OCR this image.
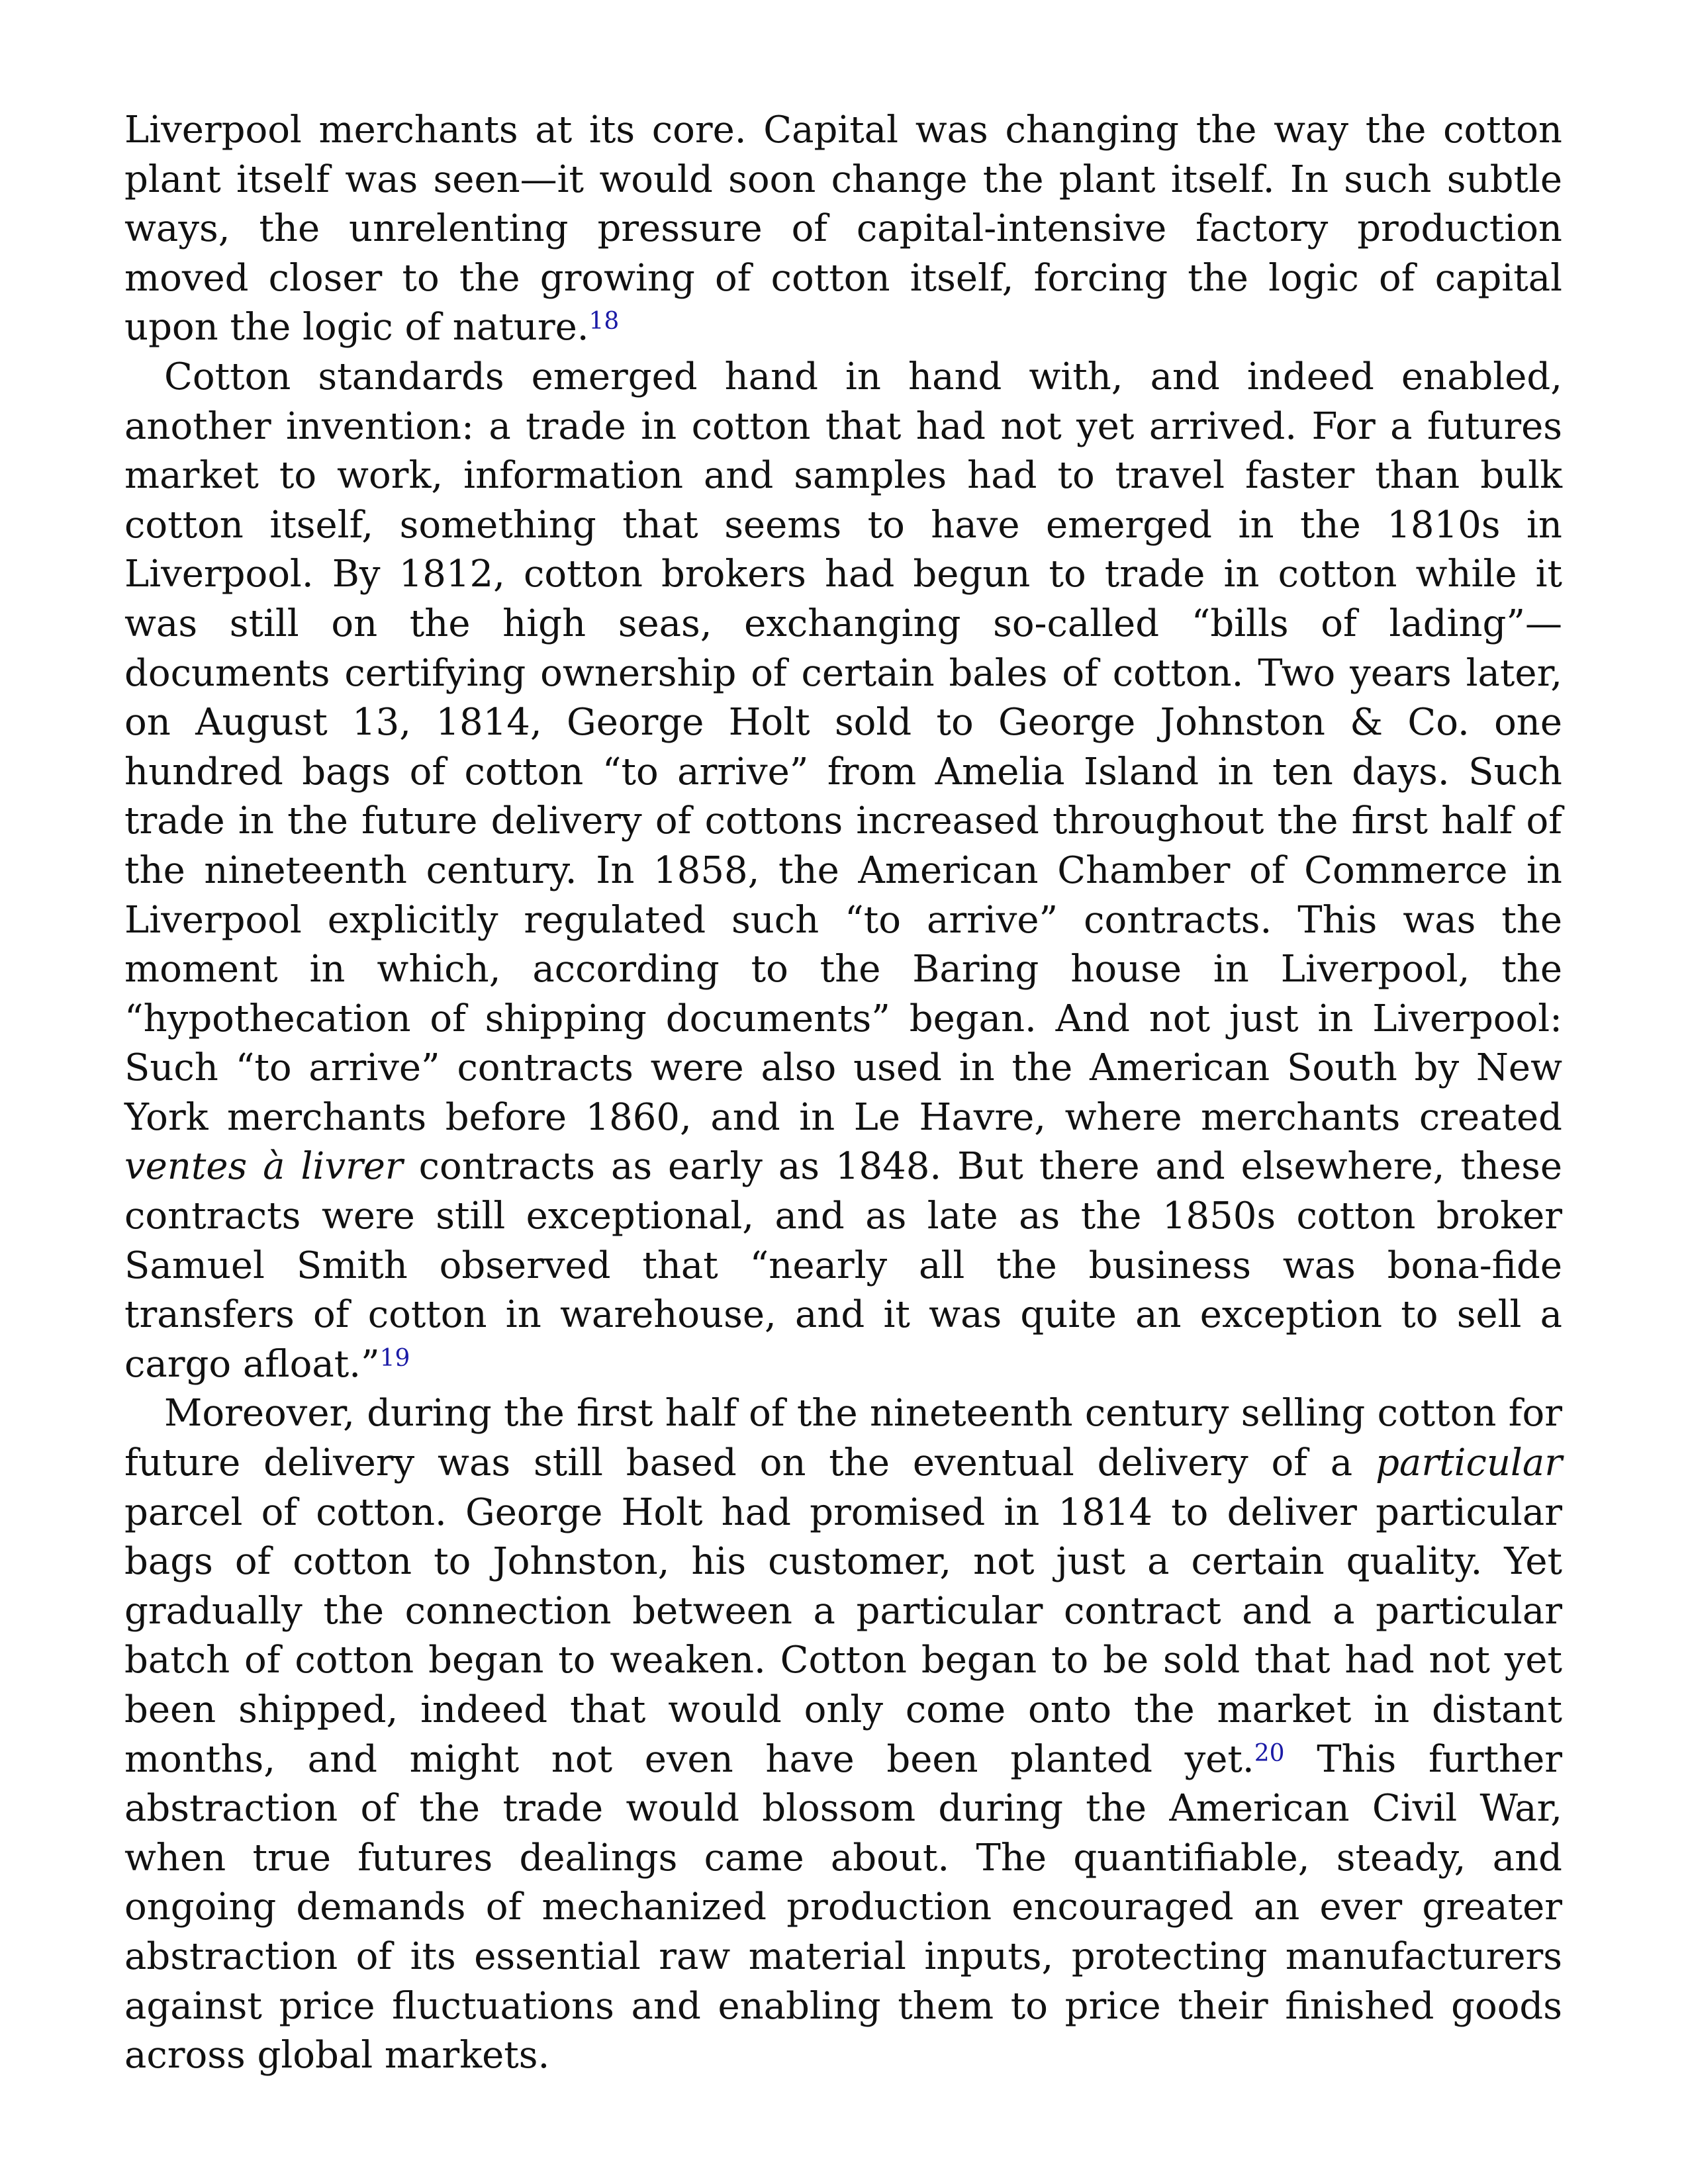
Liverpool merchants at its core. Capital was changing the way the cotton plant itself was seen—it would soon change the plant itself. In such subtle ways, the unrelenting pressure of capital-intensive factory production moved closer to the growing of cotton itself, forcing the logic of capital upon the logic of nature.$^{18}$

Cotton standards emerged hand in hand with, and indeed enabled, another invention: a trade in cotton that had not yet arrived. For a futures market to work, information and samples had to travel faster than bulk cotton itself, something that seems to have emerged in the 1810s in Liverpool. By 1812, cotton brokers had begun to trade in cotton while it was still on the high seas, exchanging so-called “bills of lading”—documents certifying ownership of certain bales of cotton. Two years later, on August 13, 1814, George Holt sold to George Johnston & Co. one hundred bags of cotton “to arrive” from Amelia Island in ten days. Such trade in the future delivery of cottons increased throughout the first half of the nineteenth century. In 1858, the American Chamber of Commerce in Liverpool explicitly regulated such “to arrive” contracts. This was the moment in which, according to the Baring house in Liverpool, the “hypothecation of shipping documents” began. And not just in Liverpool: Such “to arrive” contracts were also used in the American South by New York merchants before 1860, and in Le Havre, where merchants created ventes à livrer contracts as early as 1848. But there and elsewhere, these contracts were still exceptional, and as late as the 1850s cotton broker Samuel Smith observed that “nearly all the business was bona-fide transfers of cotton in warehouse, and it was quite an exception to sell a cargo afloat.”$^{19}$

Moreover, during the first half of the nineteenth century selling cotton for future delivery was still based on the eventual delivery of a particular parcel of cotton. George Holt had promised in 1814 to deliver particular bags of cotton to Johnston, his customer, not just a certain quality. Yet gradually the connection between a particular contract and a particular batch of cotton began to weaken. Cotton began to be sold that had not yet been shipped, indeed that would only come onto the market in distant months, and might not even have been planted yet.$^{20}$ This further abstraction of the trade would blossom during the American Civil War, when true futures dealings came about. The quantifiable, steady, and ongoing demands of mechanized production encouraged an ever greater abstraction of its essential raw material inputs, protecting manufacturers against price fluctuations and enabling them to price their finished goods across global markets.
